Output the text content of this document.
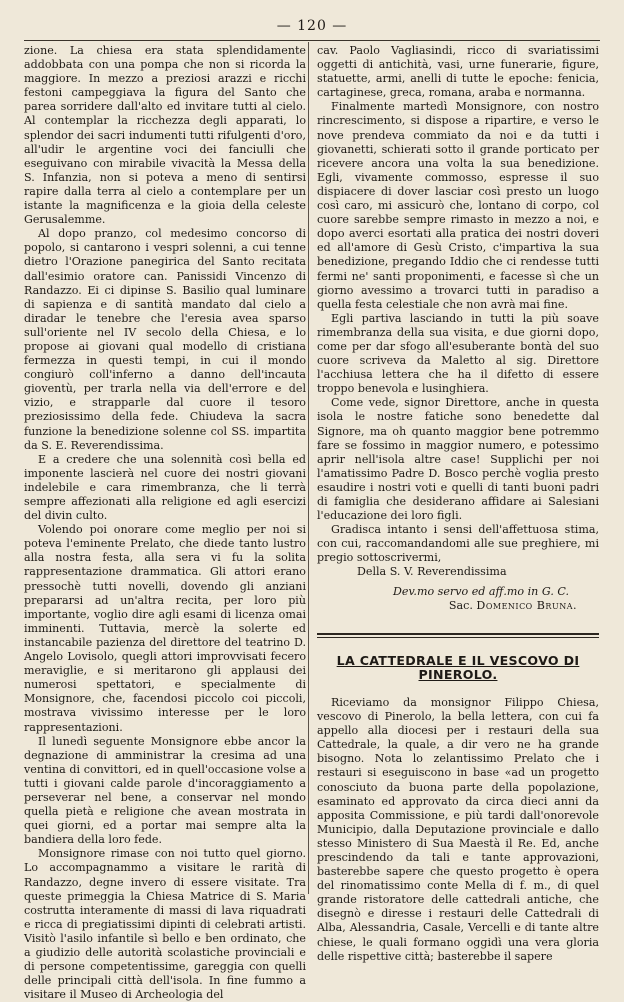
— 120 —

zione. La chiesa era stata splendidamente addobbata con una pompa che non si ricorda la maggiore. In mezzo a preziosi arazzi e ricchi festoni campeggiava la figura del Santo che parea sorridere dall'alto ed invitare tutti al cielo. Al contemplar la ricchezza degli apparati, lo splendor dei sacri indumenti tutti rifulgenti d'oro, all'udir le argentine voci dei fanciulli che eseguivano con mirabile vivacità la Messa della S. Infanzia, non si poteva a meno di sentirsi rapire dalla terra al cielo a contemplare per un istante la magnificenza e la gioia della celeste Gerusalemme.

Al dopo pranzo, col medesimo concorso di popolo, si cantarono i vespri solenni, a cui tenne dietro l'Orazione panegirica del Santo recitata dall'esimio oratore can. Panissidi Vincenzo di Randazzo. Ei ci dipinse S. Basilio qual luminare di sapienza e di santità mandato dal cielo a diradar le tenebre che l'eresia avea sparso sull'oriente nel IV secolo della Chiesa, e lo propose ai giovani qual modello di cristiana fermezza in questi tempi, in cui il mondo congiurò coll'inferno a danno dell'incauta gioventù, per trarla nella via dell'errore e del vizio, e strapparle dal cuore il tesoro preziosissimo della fede. Chiudeva la sacra funzione la benedizione solenne col SS. impartita da S. E. Reverendissima.

E a credere che una solennità così bella ed imponente lascierà nel cuore dei nostri giovani indelebile e cara rimembranza, che li terrà sempre affezionati alla religione ed agli esercizi del divin culto.

Volendo poi onorare come meglio per noi si poteva l'eminente Prelato, che diede tanto lustro alla nostra festa, alla sera vi fu la solita rappresentazione drammatica. Gli attori erano pressochè tutti novelli, dovendo gli anziani prepararsi ad un'altra recita, per loro più importante, voglio dire agli esami di licenza omai imminenti. Tuttavia, mercè la solerte ed instancabile pazienza del direttore del teatrino D. Angelo Lovisolo, quegli attori improvvisati fecero meraviglie, e si meritarono gli applausi dei numerosi spettatori, e specialmente di Monsignore, che, facendosi piccolo coi piccoli, mostrava vivissimo interesse per le loro rappresentazioni.

Il lunedì seguente Monsignore ebbe ancor la degnazione di amministrar la cresima ad una ventina di convittori, ed in quell'occasione volse a tutti i giovani calde parole d'incoraggiamento a perseverar nel bene, a conservar nel mondo quella pietà e religione che avean mostrata in quei giorni, ed a portar mai sempre alta la bandiera della loro fede.

Monsignore rimase con noi tutto quel giorno. Lo accompagnammo a visitare le rarità di Randazzo, degne invero di essere visitate. Tra queste primeggia la Chiesa Matrice di S. Maria costrutta interamente di massi di lava riquadrati e ricca di pregiatissimi dipinti di celebrati artisti. Visitò l'asilo infantile sì bello e ben ordinato, che a giudizio delle autorità scolastiche provinciali e di persone competentissime, gareggia con quelli delle principali città dell'isola. In fine fummo a visitare il Museo di Archeologia del

cav. Paolo Vagliasindi, ricco di svariatissimi oggetti di antichità, vasi, urne funerarie, figure, statuette, armi, anelli di tutte le epoche: fenicia, cartaginese, greca, romana, araba e normanna.

Finalmente martedì Monsignore, con nostro rincrescimento, si dispose a ripartire, e verso le nove prendeva commiato da noi e da tutti i giovanetti, schierati sotto il grande porticato per ricevere ancora una volta la sua benedizione. Egli, vivamente commosso, espresse il suo dispiacere di dover lasciar così presto un luogo così caro, mi assicurò che, lontano di corpo, col cuore sarebbe sempre rimasto in mezzo a noi, e dopo averci esortati alla pratica dei nostri doveri ed all'amore di Gesù Cristo, c'impartiva la sua benedizione, pregando Iddio che ci rendesse tutti fermi ne' santi proponimenti, e facesse sì che un giorno avessimo a trovarci tutti in paradiso a quella festa celestiale che non avrà mai fine.

Egli partiva lasciando in tutti la più soave rimembranza della sua visita, e due giorni dopo, come per dar sfogo all'esuberante bontà del suo cuore scriveva da Maletto al sig. Direttore l'acchiusa lettera che ha il difetto di essere troppo benevola e lusinghiera.

Come vede, signor Direttore, anche in questa isola le nostre fatiche sono benedette dal Signore, ma oh quanto maggior bene potremmo fare se fossimo in maggior numero, e potessimo aprir nell'isola altre case! Supplichi per noi l'amatissimo Padre D. Bosco perchè voglia presto esaudire i nostri voti e quelli di tanti buoni padri di famiglia che desiderano affidare ai Salesiani l'educazione dei loro figli.

Gradisca intanto i sensi dell'affettuosa stima, con cui, raccomandandomi alle sue preghiere, mi pregio sottoscrivermi,

Della S. V. Reverendissima

Dev.mo servo ed aff.mo in G. C.

Sac. Domenico Bruna.

LA CATTEDRALE E IL VESCOVO DI PINEROLO.

Riceviamo da monsignor Filippo Chiesa, vescovo di Pinerolo, la bella lettera, con cui fa appello alla diocesi per i restauri della sua Cattedrale, la quale, a dir vero ne ha grande bisogno. Nota lo zelantissimo Prelato che i restauri si eseguiscono in base «ad un progetto conosciuto da buona parte della popolazione, esaminato ed approvato da circa dieci anni da apposita Commissione, e più tardi dall'onorevole Municipio, dalla Deputazione provinciale e dallo stesso Ministero di Sua Maestà il Re. Ed, anche prescindendo da tali e tante approvazioni, basterebbe sapere che questo progetto è opera del rinomatissimo conte Mella di f. m., di quel grande ristoratore delle cattedrali antiche, che disegnò e diresse i restauri delle Cattedrali di Alba, Alessandria, Casale, Vercelli e di tante altre chiese, le quali formano oggidì una vera gloria delle rispettive città; basterebbe il sapere
